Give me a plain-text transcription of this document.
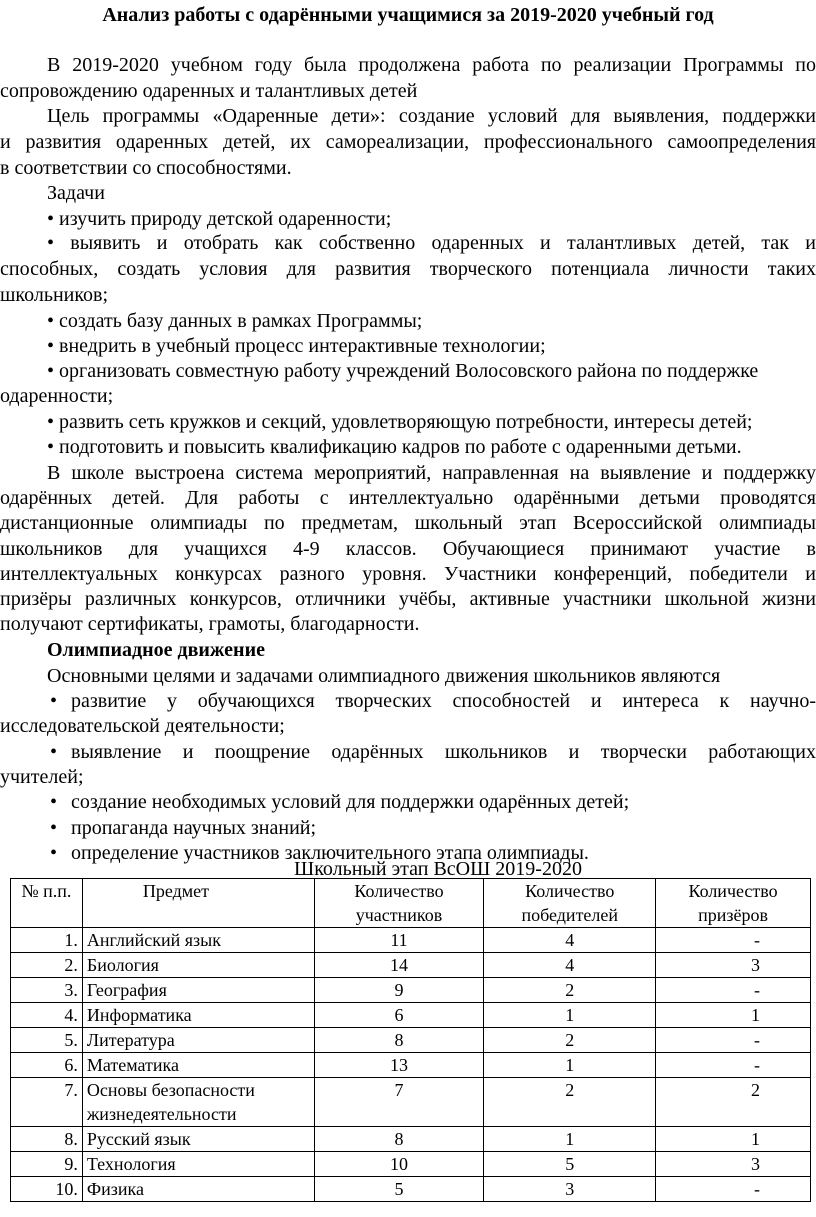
Анализ работы с одарёнными учащимися за 2019-2020 учебный год
В 2019-2020 учебном году была продолжена работа по реализации Программы по
сопровождению одаренных и талантливых детей
Цель программы «Одаренные дети»: создание условий для выявления, поддержки
и развития одаренных детей, их самореализации, профессионального самоопределения
в соответствии со способностями.
Задачи
• изучить природу детской одаренности;
• выявить и отобрать как собственно одаренных и талантливых детей, так и
способных, создать условия для развития творческого потенциала личности таких
школьников;
• создать базу данных в рамках Программы;
• внедрить в учебный процесс интерактивные технологии;
• организовать совместную работу учреждений Волосовского района по поддержке
одаренности;
• развить сеть кружков и секций, удовлетворяющую потребности, интересы детей;
• подготовить и повысить квалификацию кадров по работе с одаренными детьми.
В школе выстроена система мероприятий, направленная на выявление и поддержку
одарённых детей. Для работы с интеллектуально одарёнными детьми проводятся
дистанционные олимпиады по предметам, школьный этап Всероссийской олимпиады
школьников для учащихся 4-9 классов. Обучающиеся принимают участие в
интеллектуальных конкурсах разного уровня. Участники конференций, победители и
призёры различных конкурсов, отличники учёбы, активные участники школьной жизни
получают сертификаты, грамоты, благодарности.
Олимпиадное движение
Основными целями и задачами олимпиадного движения школьников являются
• развитие у обучающихся творческих способностей и интереса к научно-
исследовательской деятельности;
• выявление и поощрение одарённых школьников и творчески работающих
учителей;
• создание необходимых условий для поддержки одарённых детей;
• пропаганда научных знаний;
• определение участников заключительного этапа олимпиады.
Школьный этап ВсОШ 2019-2020
№ п.п.	Предмет	Количество участников	Количество победителей	Количество призёров
1.	Английский язык	11	4	-
2.	Биология	14	4	3
3.	География	9	2	-
4.	Информатика	6	1	1
5.	Литература	8	2	-
6.	Математика	13	1	-
7.	Основы безопасности жизнедеятельности	7	2	2
8.	Русский язык	8	1	1
9.	Технология	10	5	3
10.	Физика	5	3	-
